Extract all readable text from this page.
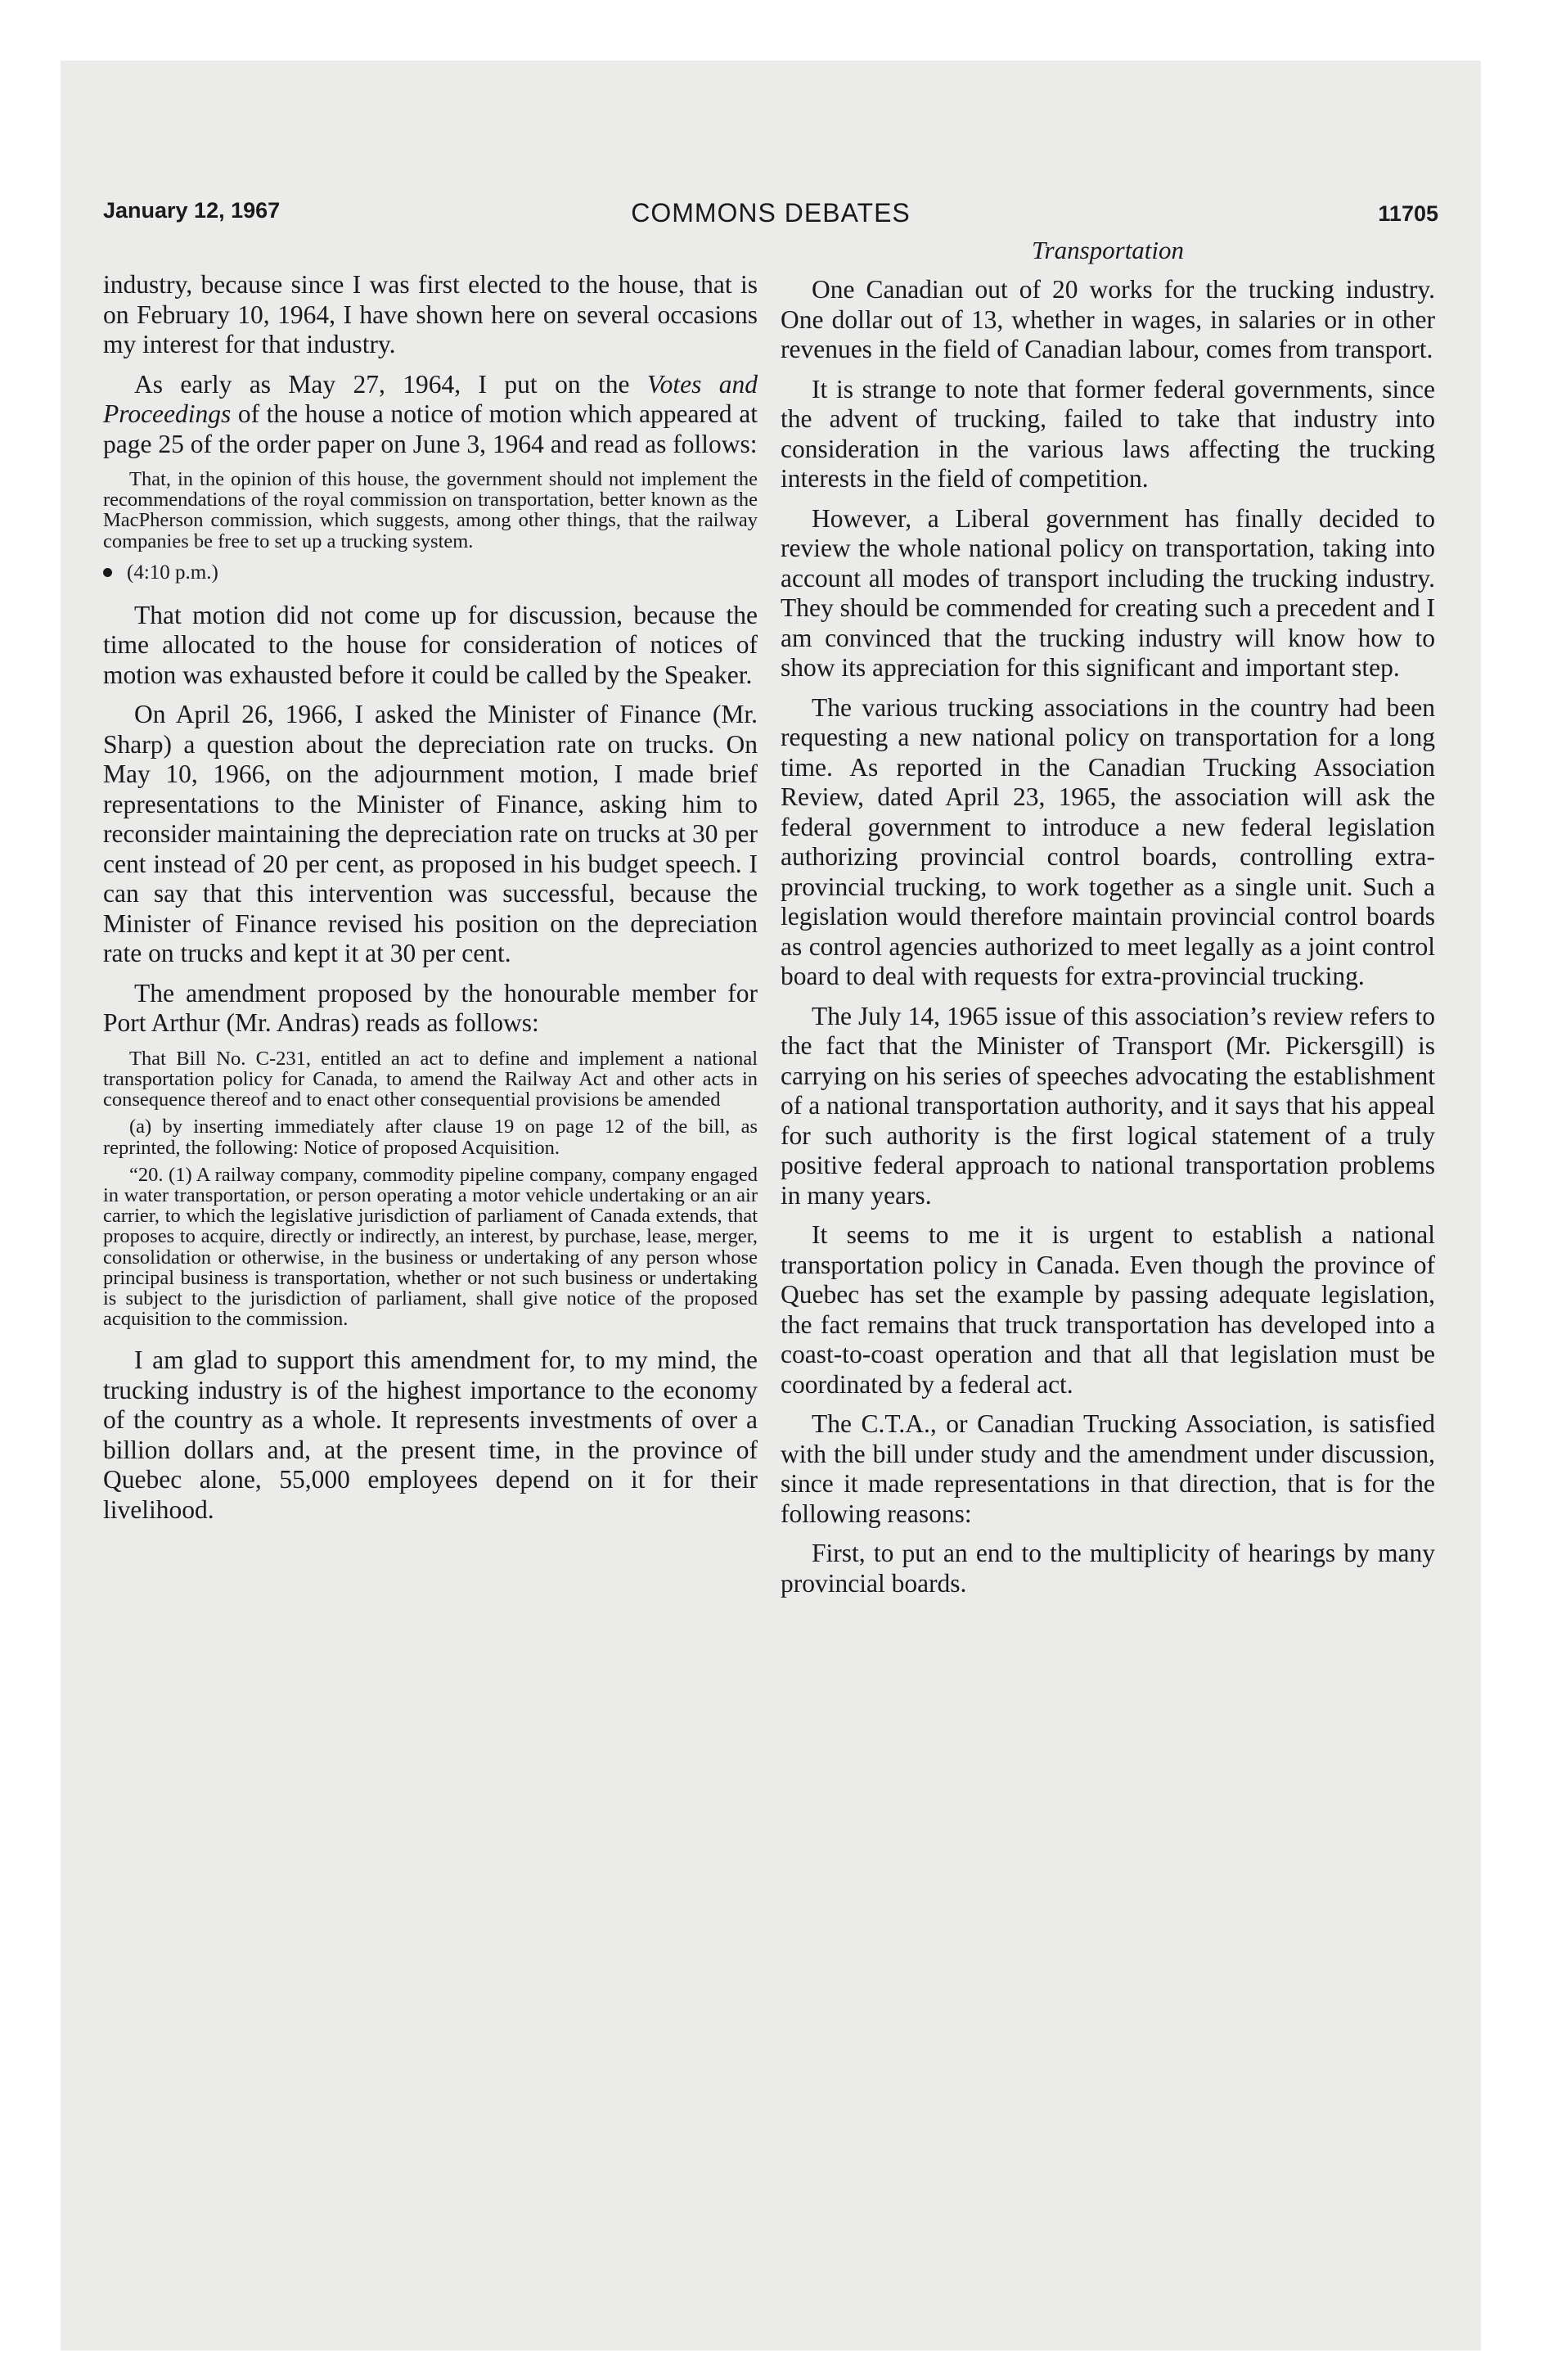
January 12, 1967	COMMONS DEBATES	11705

industry, because since I was first elected to the house, that is on February 10, 1964, I have shown here on several occasions my interest for that industry.

As early as May 27, 1964, I put on the Votes and Proceedings of the house a notice of motion which appeared at page 25 of the order paper on June 3, 1964 and read as follows:

That, in the opinion of this house, the government should not implement the recommendations of the royal commission on transportation, better known as the MacPherson commission, which suggests, among other things, that the railway companies be free to set up a trucking system.

(4:10 p.m.)

That motion did not come up for discussion, because the time allocated to the house for consideration of notices of motion was exhausted before it could be called by the Speaker.

On April 26, 1966, I asked the Minister of Finance (Mr. Sharp) a question about the depreciation rate on trucks. On May 10, 1966, on the adjournment motion, I made brief representations to the Minister of Finance, asking him to reconsider maintaining the depreciation rate on trucks at 30 per cent instead of 20 per cent, as proposed in his budget speech. I can say that this intervention was successful, because the Minister of Finance revised his position on the depreciation rate on trucks and kept it at 30 per cent.

The amendment proposed by the honourable member for Port Arthur (Mr. Andras) reads as follows:

That Bill No. C-231, entitled an act to define and implement a national transportation policy for Canada, to amend the Railway Act and other acts in consequence thereof and to enact other consequential provisions be amended

(a) by inserting immediately after clause 19 on page 12 of the bill, as reprinted, the following: Notice of proposed Acquisition.

“20. (1) A railway company, commodity pipeline company, company engaged in water transportation, or person operating a motor vehicle undertaking or an air carrier, to which the legislative jurisdiction of parliament of Canada extends, that proposes to acquire, directly or indirectly, an interest, by purchase, lease, merger, consolidation or otherwise, in the business or undertaking of any person whose principal business is transportation, whether or not such business or undertaking is subject to the jurisdiction of parliament, shall give notice of the proposed acquisition to the commission.

I am glad to support this amendment for, to my mind, the trucking industry is of the highest importance to the economy of the country as a whole. It represents investments of over a billion dollars and, at the present time, in the province of Quebec alone, 55,000 employees depend on it for their livelihood.

Transportation

One Canadian out of 20 works for the trucking industry. One dollar out of 13, whether in wages, in salaries or in other revenues in the field of Canadian labour, comes from transport.

It is strange to note that former federal governments, since the advent of trucking, failed to take that industry into consideration in the various laws affecting the trucking interests in the field of competition.

However, a Liberal government has finally decided to review the whole national policy on transportation, taking into account all modes of transport including the trucking industry. They should be commended for creating such a precedent and I am convinced that the trucking industry will know how to show its appreciation for this significant and important step.

The various trucking associations in the country had been requesting a new national policy on transportation for a long time. As reported in the Canadian Trucking Association Review, dated April 23, 1965, the association will ask the federal government to introduce a new federal legislation authorizing provincial control boards, controlling extra-provincial trucking, to work together as a single unit. Such a legislation would therefore maintain provincial control boards as control agencies authorized to meet legally as a joint control board to deal with requests for extra-provincial trucking.

The July 14, 1965 issue of this association’s review refers to the fact that the Minister of Transport (Mr. Pickersgill) is carrying on his series of speeches advocating the establishment of a national transportation authority, and it says that his appeal for such authority is the first logical statement of a truly positive federal approach to national transportation problems in many years.

It seems to me it is urgent to establish a national transportation policy in Canada. Even though the province of Quebec has set the example by passing adequate legislation, the fact remains that truck transportation has developed into a coast-to-coast operation and that all that legislation must be coordinated by a federal act.

The C.T.A., or Canadian Trucking Association, is satisfied with the bill under study and the amendment under discussion, since it made representations in that direction, that is for the following reasons:

First, to put an end to the multiplicity of hearings by many provincial boards.
